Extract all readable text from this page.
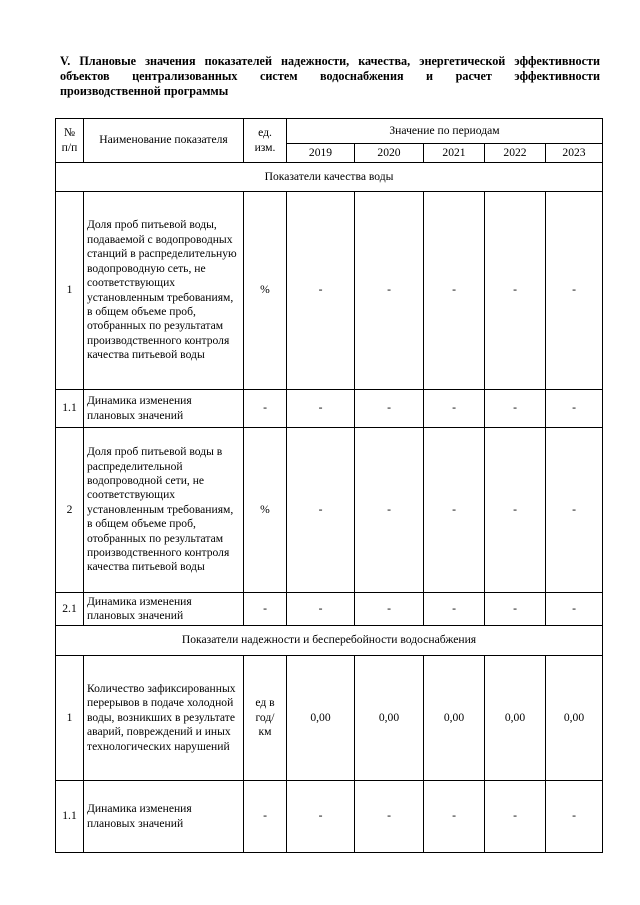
V. Плановые значения показателей надежности, качества, энергетической эффективности
объектов централизованных систем водоснабжения и расчет эффективности
производственной программы
№ п/п	Наименование показателя	ед. изм.	Значение по периодам				
			2019	2020	2021	2022	2023
Показатели качества воды							
1	Доля проб питьевой воды, подаваемой с водопроводных станций в распределительную водопроводную сеть, не соответствующих установленным требованиям, в общем объеме проб, отобранных по результатам производственного контроля качества питьевой воды	%	-	-	-	-	-
1.1	Динамика изменения плановых значений	-	-	-	-	-	-
2	Доля проб питьевой воды в распределительной водопроводной сети, не соответствующих установленным требованиям, в общем объеме проб, отобранных по результатам производственного контроля качества питьевой воды	%	-	-	-	-	-
2.1	Динамика изменения плановых значений	-	-	-	-	-	-
Показатели надежности и бесперебойности водоснабжения							
1	Количество зафиксированных перерывов в подаче холодной воды, возникших в результате аварий, повреждений и иных технологических нарушений	ед в год/ км	0,00	0,00	0,00	0,00	0,00
1.1	Динамика изменения плановых значений	-	-	-	-	-	-
